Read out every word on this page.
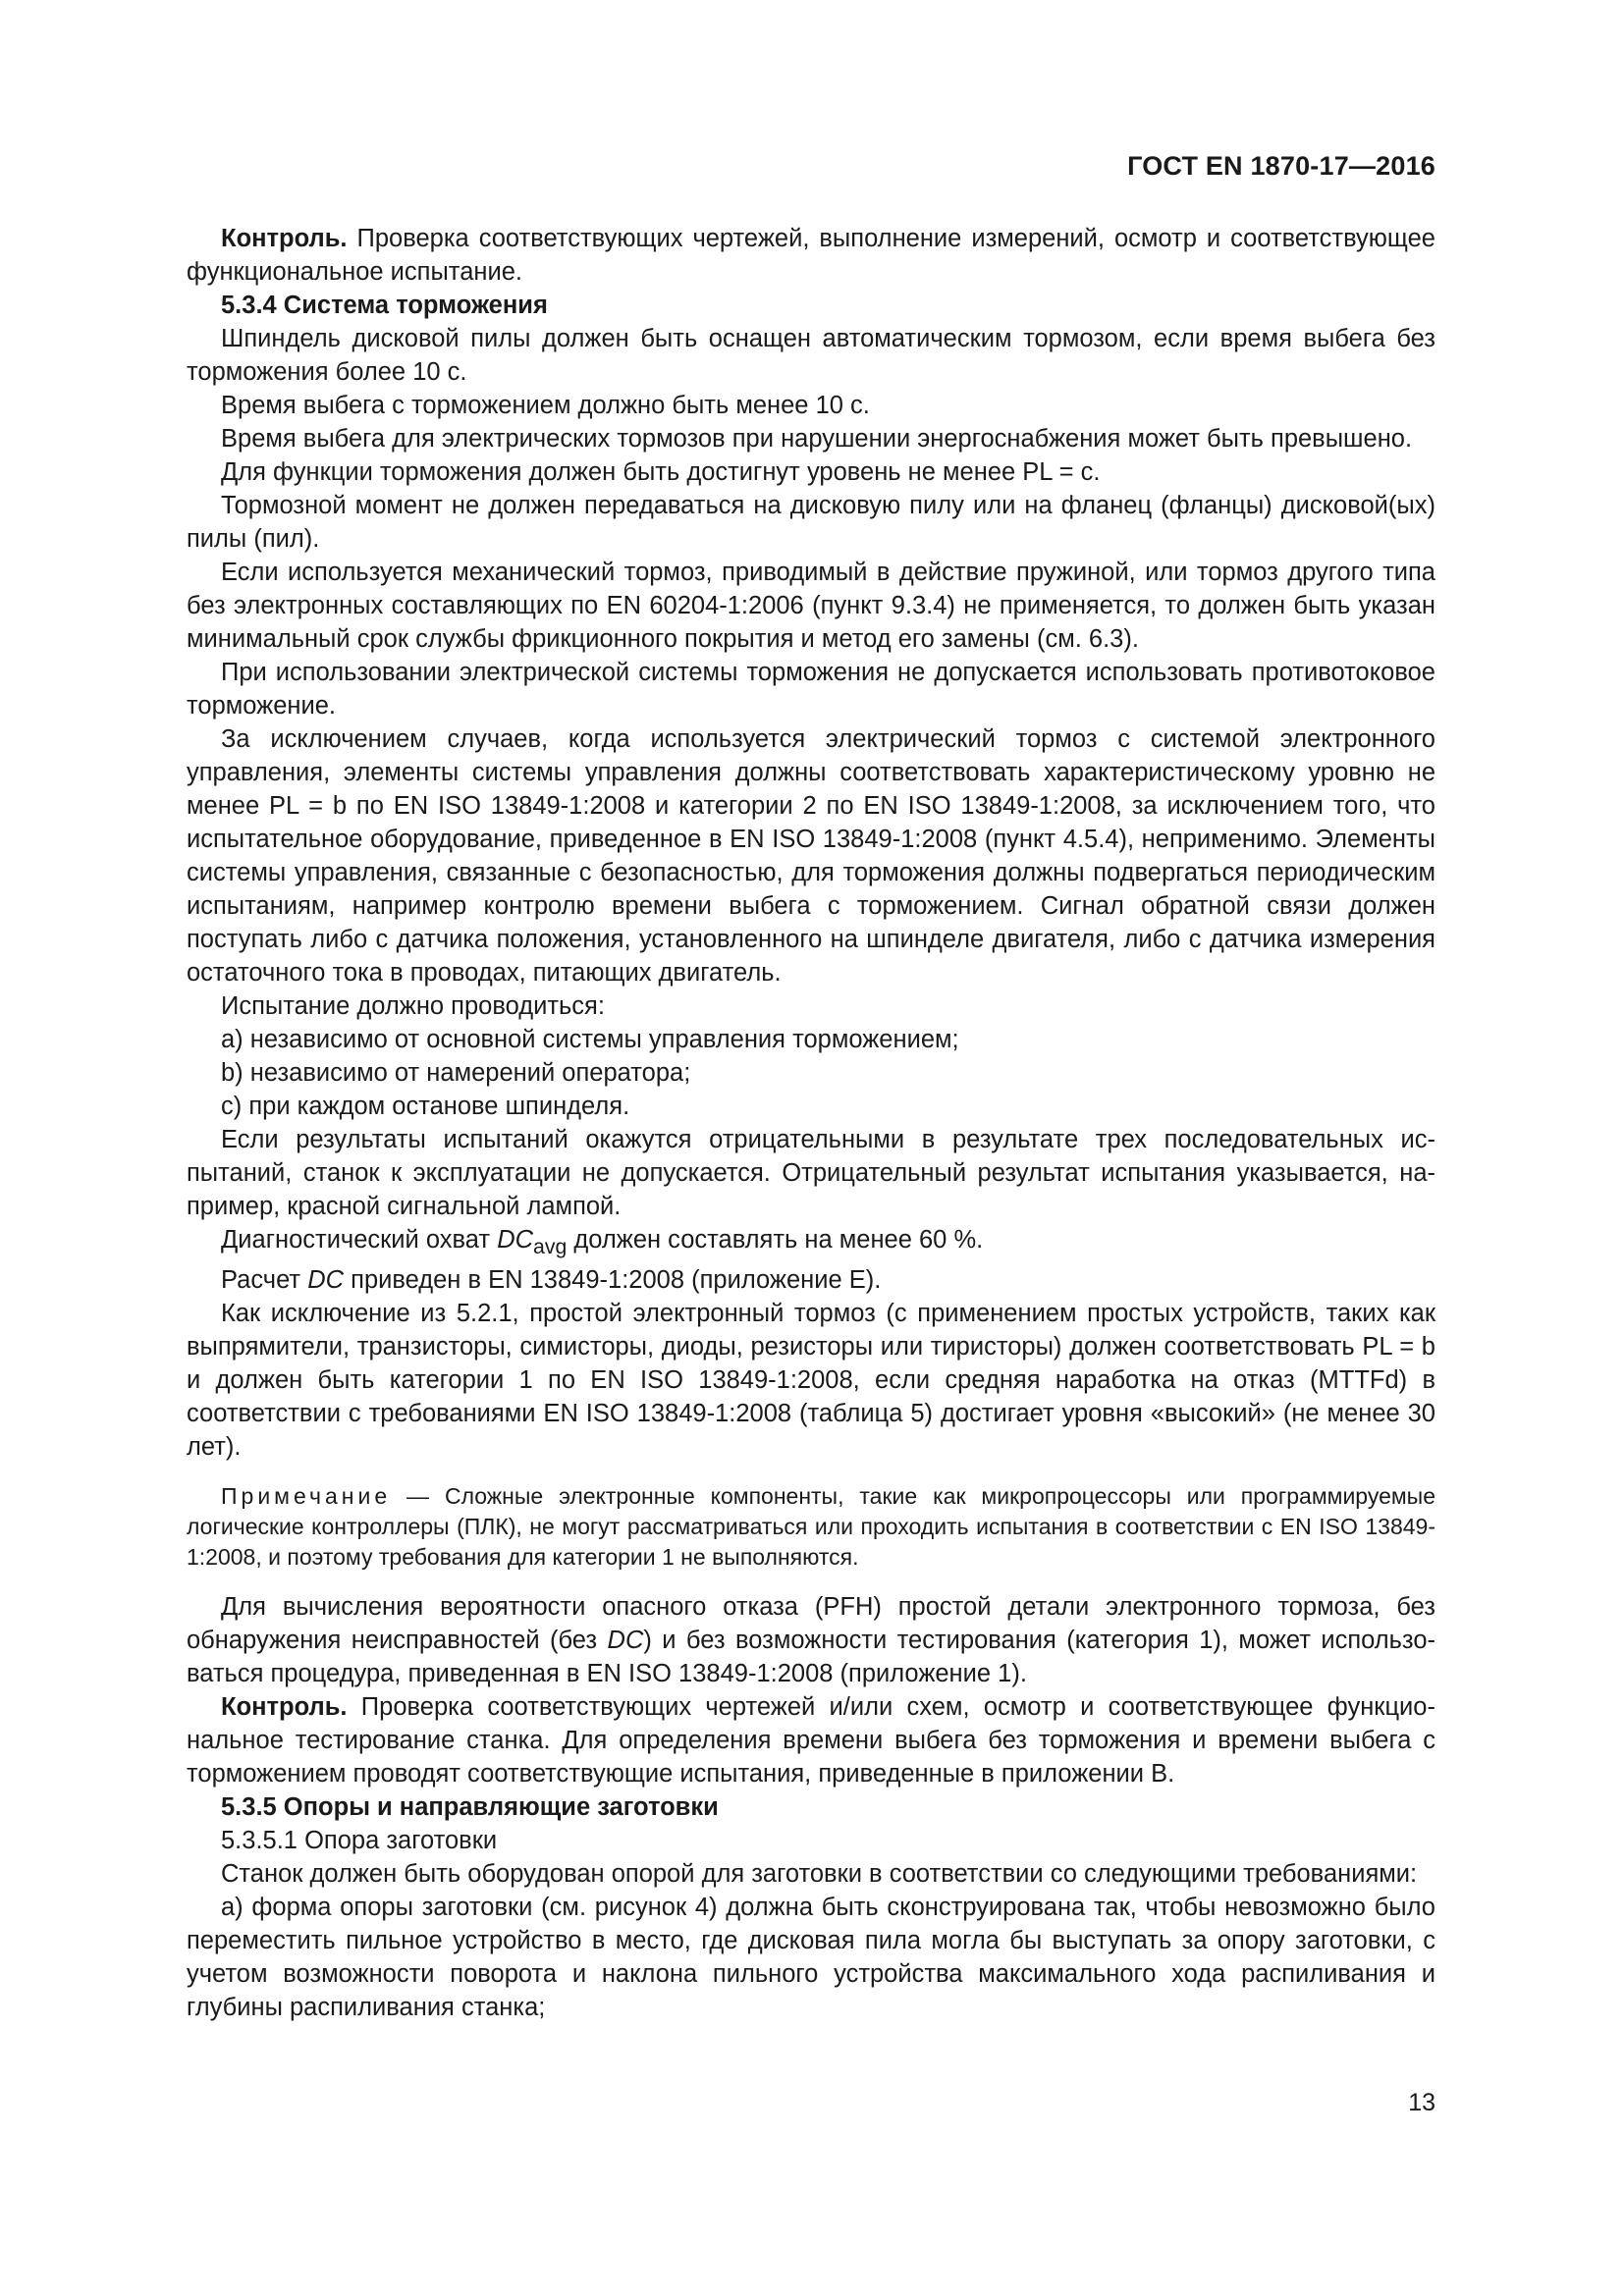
ГОСТ EN 1870-17—2016

Контроль. Проверка соответствующих чертежей, выполнение измерений, осмотр и соответствующее функциональное испытание.

5.3.4 Система торможения

Шпиндель дисковой пилы должен быть оснащен автоматическим тормозом, если время выбега без торможения более 10 с.

Время выбега с торможением должно быть менее 10 с.

Время выбега для электрических тормозов при нарушении энергоснабжения может быть превышено.

Для функции торможения должен быть достигнут уровень не менее PL = с.

Тормозной момент не должен передаваться на дисковую пилу или на фланец (фланцы) дисковой(ых) пилы (пил).

Если используется механический тормоз, приводимый в действие пружиной, или тормоз другого типа без электронных составляющих по EN 60204-1:2006 (пункт 9.3.4) не применяется, то должен быть указан минимальный срок службы фрикционного покрытия и метод его замены (см. 6.3).

При использовании электрической системы торможения не допускается использовать противотоковое торможение.

За исключением случаев, когда используется электрический тормоз с системой электронного управления, элементы системы управления должны соответствовать характеристическому уровню не менее PL = b по EN ISO 13849-1:2008 и категории 2 по EN ISO 13849-1:2008, за исключением того, что испытательное оборудование, приведенное в EN ISO 13849-1:2008 (пункт 4.5.4), неприменимо. Элементы системы управления, связанные с безопасностью, для торможения должны подвергаться периодическим испытаниям, например контролю времени выбега с торможением. Сигнал обратной связи должен поступать либо с датчика положения, установленного на шпинделе двигателя, либо с датчика измерения остаточного тока в проводах, питающих двигатель.

Испытание должно проводиться:

a) независимо от основной системы управления торможением;

b) независимо от намерений оператора;

c) при каждом останове шпинделя.

Если результаты испытаний окажутся отрицательными в результате трех последовательных испытаний, станок к эксплуатации не допускается. Отрицательный результат испытания указывается, например, красной сигнальной лампой.

Диагностический охват $DC_{avg}$ должен составлять на менее 60 %.

Расчет DC приведен в EN 13849-1:2008 (приложение E).

Как исключение из 5.2.1, простой электронный тормоз (с применением простых устройств, таких как выпрямители, транзисторы, симисторы, диоды, резисторы или тиристоры) должен соответствовать PL = b и должен быть категории 1 по EN ISO 13849-1:2008, если средняя наработка на отказ (MTTFd) в соответствии с требованиями EN ISO 13849-1:2008 (таблица 5) достигает уровня «высокий» (не менее 30 лет).

Примечание — Сложные электронные компоненты, такие как микропроцессоры или программируемые логические контроллеры (ПЛК), не могут рассматриваться или проходить испытания в соответствии с EN ISO 13849-1:2008, и поэтому требования для категории 1 не выполняются.

Для вычисления вероятности опасного отказа (PFH) простой детали электронного тормоза, без обнаружения неисправностей (без DC) и без возможности тестирования (категория 1), может использоваться процедура, приведенная в EN ISO 13849-1:2008 (приложение 1).

Контроль. Проверка соответствующих чертежей и/или схем, осмотр и соответствующее функциональное тестирование станка. Для определения времени выбега без торможения и времени выбега с торможением проводят соответствующие испытания, приведенные в приложении B.

5.3.5 Опоры и направляющие заготовки

5.3.5.1 Опора заготовки

Станок должен быть оборудован опорой для заготовки в соответствии со следующими требованиями:

a) форма опоры заготовки (см. рисунок 4) должна быть сконструирована так, чтобы невозможно было переместить пильное устройство в место, где дисковая пила могла бы выступать за опору заготовки, с учетом возможности поворота и наклона пильного устройства максимального хода распиливания и глубины распиливания станка;

13
